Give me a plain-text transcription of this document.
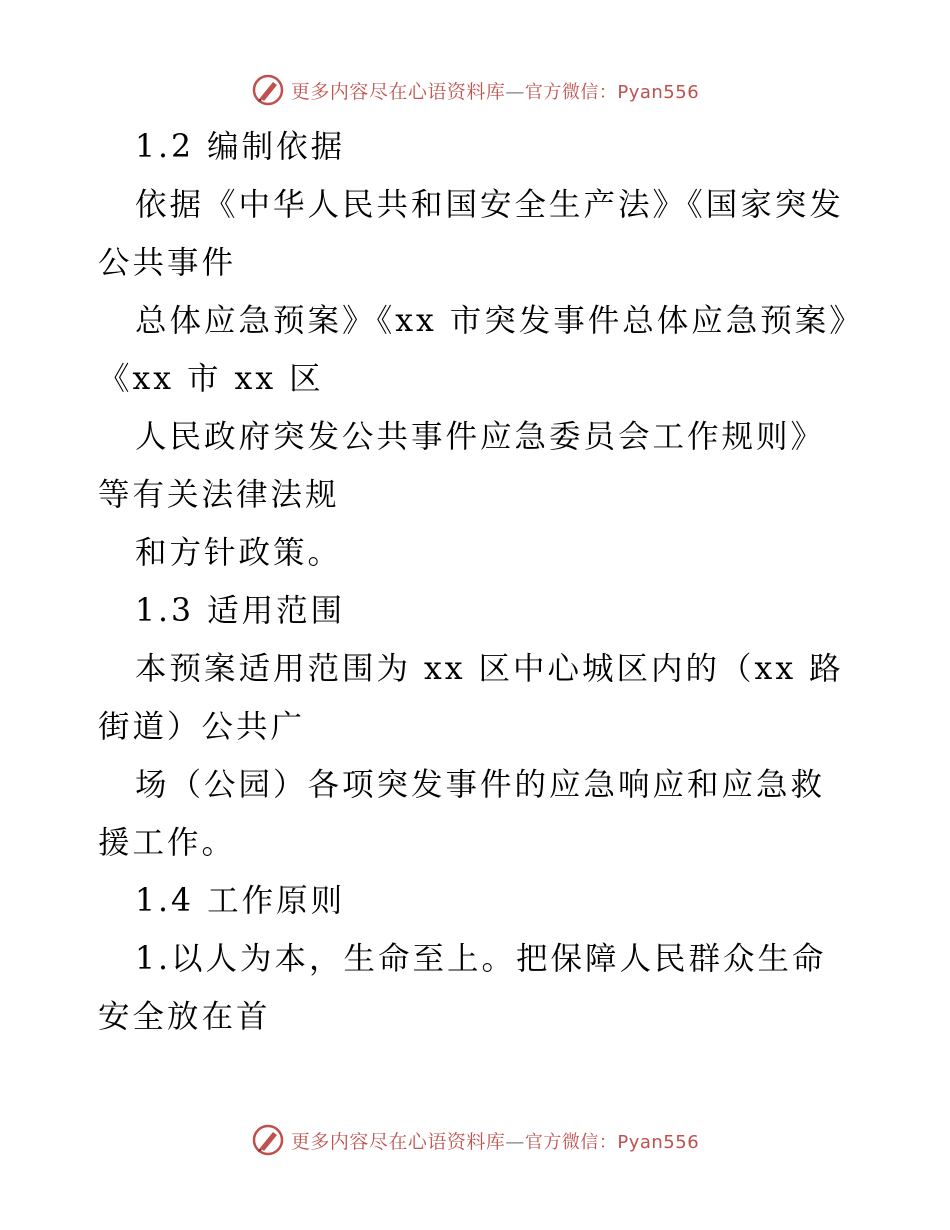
更多内容尽在心语资料库—官方微信：Pyan556

1.2 编制依据

依据《中华人民共和国安全生产法》《国家突发公共事件

总体应急预案》《xx 市突发事件总体应急预案》《xx 市 xx 区

人民政府突发公共事件应急委员会工作规则》等有关法律法规

和方针政策。

1.3 适用范围

本预案适用范围为 xx 区中心城区内的（xx 路街道）公共广

场（公园）各项突发事件的应急响应和应急救援工作。

1.4 工作原则

1.以人为本，生命至上。把保障人民群众生命安全放在首

更多内容尽在心语资料库—官方微信：Pyan556
